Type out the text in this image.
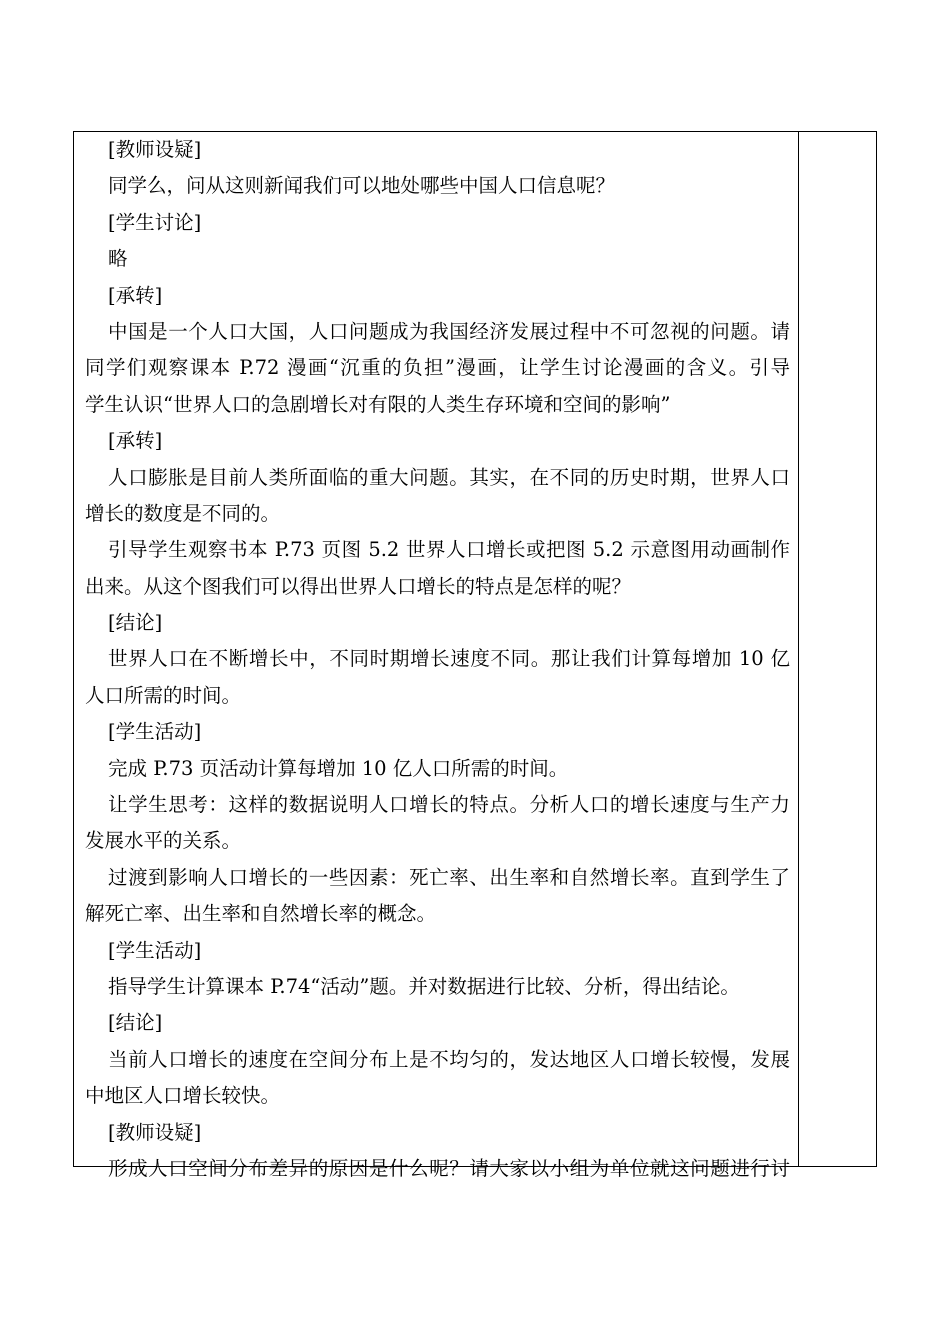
[教师设疑]
同学么，问从这则新闻我们可以地处哪些中国人口信息呢？
[学生讨论]
略
[承转]
中国是一个人口大国，人口问题成为我国经济发展过程中不可忽视的问题。请
同学们观察课本 P.72 漫画“沉重的负担”漫画，让学生讨论漫画的含义。引导
学生认识“世界人口的急剧增长对有限的人类生存环境和空间的影响”
[承转]
人口膨胀是目前人类所面临的重大问题。其实，在不同的历史时期，世界人口
增长的数度是不同的。
引导学生观察书本 P.73 页图 5.2 世界人口增长或把图 5.2 示意图用动画制作
出来。从这个图我们可以得出世界人口增长的特点是怎样的呢？
[结论]
世界人口在不断增长中，不同时期增长速度不同。那让我们计算每增加 10 亿
人口所需的时间。
[学生活动]
完成 P.73 页活动计算每增加 10 亿人口所需的时间。
让学生思考：这样的数据说明人口增长的特点。分析人口的增长速度与生产力
发展水平的关系。
过渡到影响人口增长的一些因素：死亡率、出生率和自然增长率。直到学生了
解死亡率、出生率和自然增长率的概念。
[学生活动]
指导学生计算课本 P.74“活动”题。并对数据进行比较、分析，得出结论。
[结论]
当前人口增长的速度在空间分布上是不均匀的，发达地区人口增长较慢，发展
中地区人口增长较快。
[教师设疑]
形成人口空间分布差异的原因是什么呢？请大家以小组为单位就这问题进行讨
